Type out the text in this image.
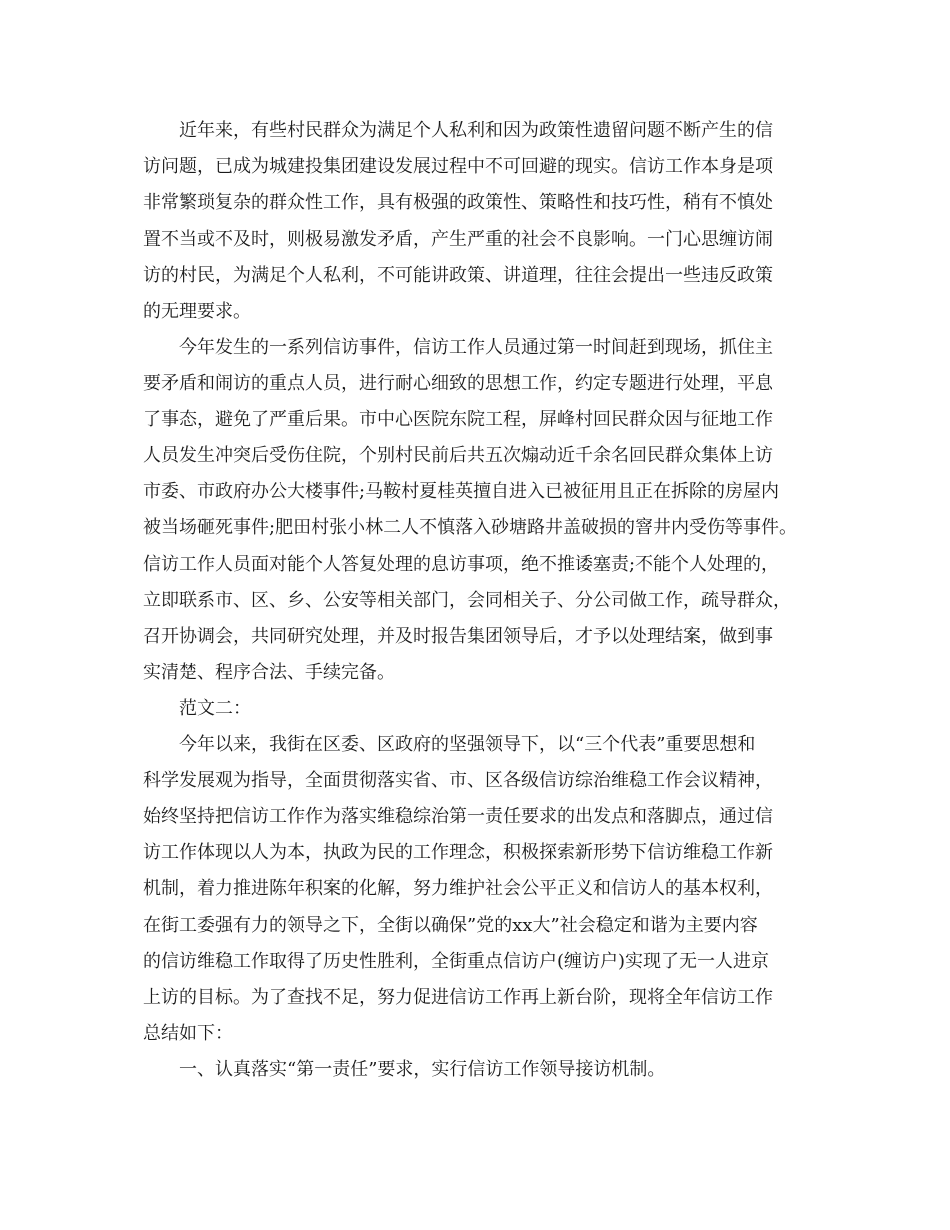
近年来，有些村民群众为满足个人私利和因为政策性遗留问题不断产生的信

访问题，已成为城建投集团建设发展过程中不可回避的现实。信访工作本身是项

非常繁琐复杂的群众性工作，具有极强的政策性、策略性和技巧性，稍有不慎处

置不当或不及时，则极易激发矛盾，产生严重的社会不良影响。一门心思缠访闹

访的村民，为满足个人私利，不可能讲政策、讲道理，往往会提出一些违反政策

的无理要求。

今年发生的一系列信访事件，信访工作人员通过第一时间赶到现场，抓住主

要矛盾和闹访的重点人员，进行耐心细致的思想工作，约定专题进行处理，平息

了事态，避免了严重后果。市中心医院东院工程，屏峰村回民群众因与征地工作

人员发生冲突后受伤住院，个别村民前后共五次煽动近千余名回民群众集体上访

市委、市政府办公大楼事件;马鞍村夏桂英擅自进入已被征用且正在拆除的房屋内

被当场砸死事件;肥田村张小林二人不慎落入砂塘路井盖破损的窨井内受伤等事件。

信访工作人员面对能个人答复处理的息访事项，绝不推诿塞责;不能个人处理的，

立即联系市、区、乡、公安等相关部门，会同相关子、分公司做工作，疏导群众，

召开协调会，共同研究处理，并及时报告集团领导后，才予以处理结案，做到事

实清楚、程序合法、手续完备。

范文二：

今年以来，我街在区委、区政府的坚强领导下，以“三个代表”重要思想和

科学发展观为指导，全面贯彻落实省、市、区各级信访综治维稳工作会议精神，

始终坚持把信访工作作为落实维稳综治第一责任要求的出发点和落脚点，通过信

访工作体现以人为本，执政为民的工作理念，积极探索新形势下信访维稳工作新

机制，着力推进陈年积案的化解，努力维护社会公平正义和信访人的基本权利，

在街工委强有力的领导之下，全街以确保”党的xx大”社会稳定和谐为主要内容

的信访维稳工作取得了历史性胜利，全街重点信访户(缠访户)实现了无一人进京

上访的目标。为了查找不足，努力促进信访工作再上新台阶，现将全年信访工作

总结如下：

一、认真落实“第一责任”要求，实行信访工作领导接访机制。
